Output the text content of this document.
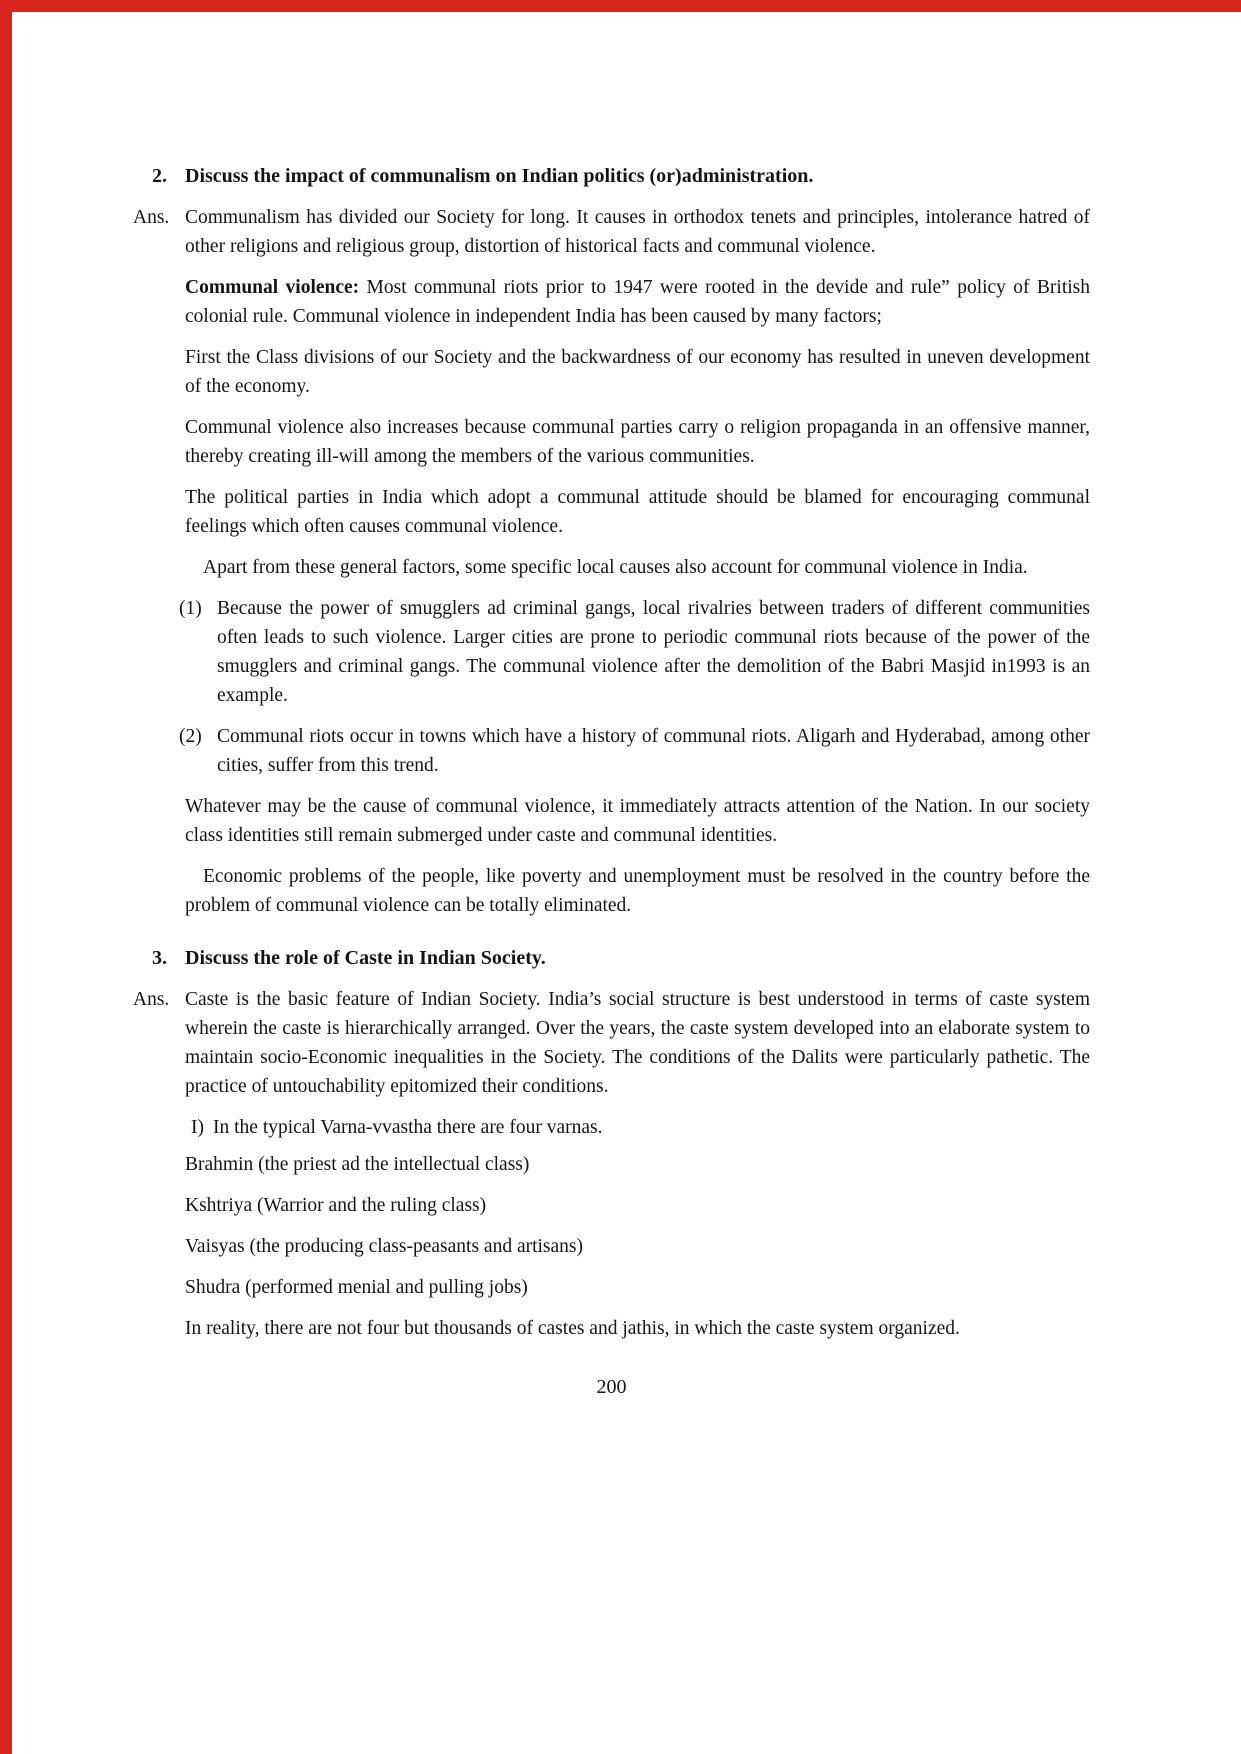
2. Discuss the impact of communalism on Indian politics (or)administration.
Ans. Communalism has divided our Society for long. It causes in orthodox tenets and principles, intolerance hatred of other religions and religious group, distortion of historical facts and communal violence.

Communal violence: Most communal riots prior to 1947 were rooted in the devide and rule” policy of British colonial rule. Communal violence in independent India has been caused by many factors;

First the Class divisions of our Society and the backwardness of our economy has resulted in uneven development of the economy.

Communal violence also increases because communal parties carry o religion propaganda in an offensive manner, thereby creating ill-will among the members of the various communities.

The political parties in India which adopt a communal attitude should be blamed for encouraging communal feelings which often causes communal violence.

Apart from these general factors, some specific local causes also account for communal violence in India.

(1) Because the power of smugglers ad criminal gangs, local rivalries between traders of different communities often leads to such violence. Larger cities are prone to periodic communal riots because of the power of the smugglers and criminal gangs. The communal violence after the demolition of the Babri Masjid in1993 is an example.
(2) Communal riots occur in towns which have a history of communal riots. Aligarh and Hyderabad, among other cities, suffer from this trend.

Whatever may be the cause of communal violence, it immediately attracts attention of the Nation. In our society class identities still remain submerged under caste and communal identities.

Economic problems of the people, like poverty and unemployment must be resolved in the country before the problem of communal violence can be totally eliminated.

3. Discuss the role of Caste in Indian Society.
Ans. Caste is the basic feature of Indian Society. India’s social structure is best understood in terms of caste system wherein the caste is hierarchically arranged. Over the years, the caste system developed into an elaborate system to maintain socio-Economic inequalities in the Society. The conditions of the Dalits were particularly pathetic. The practice of untouchability epitomized their conditions.

I) In the typical Varna-vvastha there are four varnas.

Brahmin (the priest ad the intellectual class)

Kshtriya (Warrior and the ruling class)

Vaisyas (the producing class-peasants and artisans)

Shudra (performed menial and pulling jobs)

In reality, there are not four but thousands of castes and jathis, in which the caste system organized.

200
